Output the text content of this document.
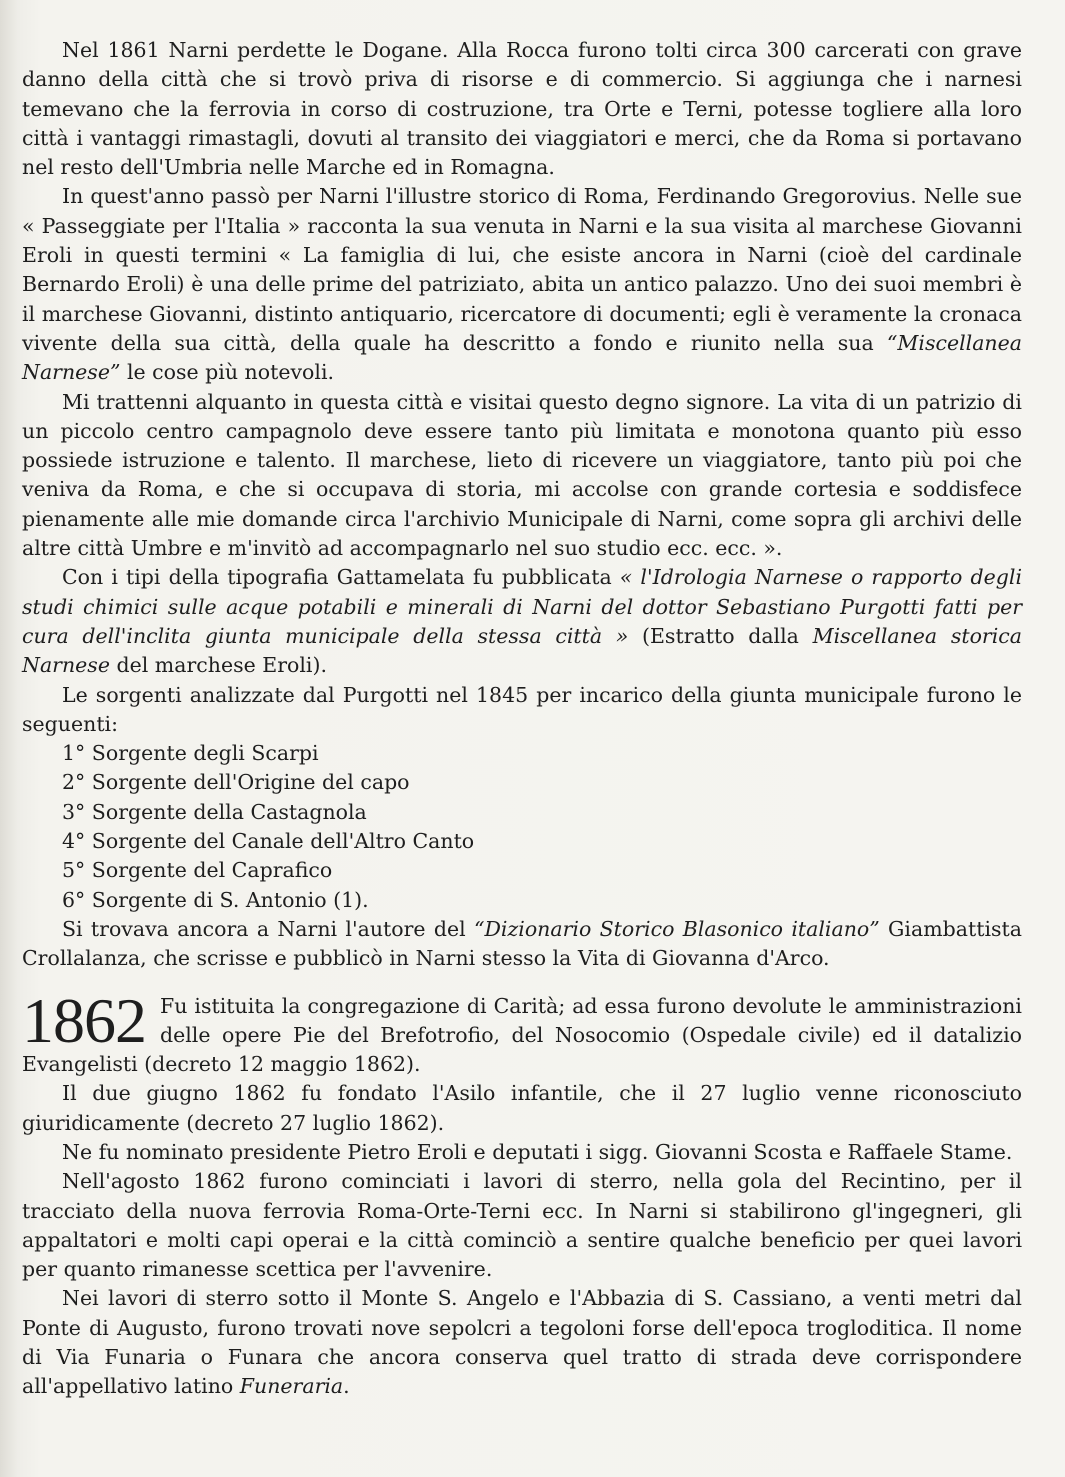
Nel 1861 Narni perdette le Dogane. Alla Rocca furono tolti circa 300 carcerati con grave danno della città che si trovò priva di risorse e di commercio. Si aggiunga che i narnesi temevano che la ferrovia in corso di costruzione, tra Orte e Terni, potesse togliere alla loro città i vantaggi rimastagli, dovuti al transito dei viaggiatori e merci, che da Roma si portavano nel resto dell'Umbria nelle Marche ed in Romagna.

In quest'anno passò per Narni l'illustre storico di Roma, Ferdinando Gregorovius. Nelle sue « Passeggiate per l'Italia » racconta la sua venuta in Narni e la sua visita al marchese Giovanni Eroli in questi termini « La famiglia di lui, che esiste ancora in Narni (cioè del cardinale Bernardo Eroli) è una delle prime del patriziato, abita un antico palazzo. Uno dei suoi membri è il marchese Giovanni, distinto antiquario, ricercatore di documenti; egli è veramente la cronaca vivente della sua città, della quale ha descritto a fondo e riunito nella sua “Miscellanea Narnese” le cose più notevoli.

Mi trattenni alquanto in questa città e visitai questo degno signore. La vita di un patrizio di un piccolo centro campagnolo deve essere tanto più limitata e monotona quanto più esso possiede istruzione e talento. Il marchese, lieto di ricevere un viaggiatore, tanto più poi che veniva da Roma, e che si occupava di storia, mi accolse con grande cortesia e soddisfece pienamente alle mie domande circa l'archivio Municipale di Narni, come sopra gli archivi delle altre città Umbre e m'invitò ad accompagnarlo nel suo studio ecc. ecc. ».

Con i tipi della tipografia Gattamelata fu pubblicata « l'Idrologia Narnese o rapporto degli studi chimici sulle acque potabili e minerali di Narni del dottor Sebastiano Purgotti fatti per cura dell'inclita giunta municipale della stessa città » (Estratto dalla Miscellanea storica Narnese del marchese Eroli).

Le sorgenti analizzate dal Purgotti nel 1845 per incarico della giunta municipale furono le seguenti:

1° Sorgente degli Scarpi
2° Sorgente dell'Origine del capo
3° Sorgente della Castagnola
4° Sorgente del Canale dell'Altro Canto
5° Sorgente del Caprafico
6° Sorgente di S. Antonio (1).

Si trovava ancora a Narni l'autore del “Dizionario Storico Blasonico italiano” Giambattista Crollalanza, che scrisse e pubblicò in Narni stesso la Vita di Giovanna d'Arco.

1862 Fu istituita la congregazione di Carità; ad essa furono devolute le amministrazioni delle opere Pie del Brefotrofio, del Nosocomio (Ospedale civile) ed il datalizio Evangelisti (decreto 12 maggio 1862).

Il due giugno 1862 fu fondato l'Asilo infantile, che il 27 luglio venne riconosciuto giuridicamente (decreto 27 luglio 1862).

Ne fu nominato presidente Pietro Eroli e deputati i sigg. Giovanni Scosta e Raffaele Stame.

Nell'agosto 1862 furono cominciati i lavori di sterro, nella gola del Recintino, per il tracciato della nuova ferrovia Roma-Orte-Terni ecc. In Narni si stabilirono gl'ingegneri, gli appaltatori e molti capi operai e la città cominciò a sentire qualche beneficio per quei lavori per quanto rimanesse scettica per l'avvenire.

Nei lavori di sterro sotto il Monte S. Angelo e l'Abbazia di S. Cassiano, a venti metri dal Ponte di Augusto, furono trovati nove sepolcri a tegoloni forse dell'epoca trogloditica. Il nome di Via Funaria o Funara che ancora conserva quel tratto di strada deve corrispondere all'appellativo latino Funeraria.
